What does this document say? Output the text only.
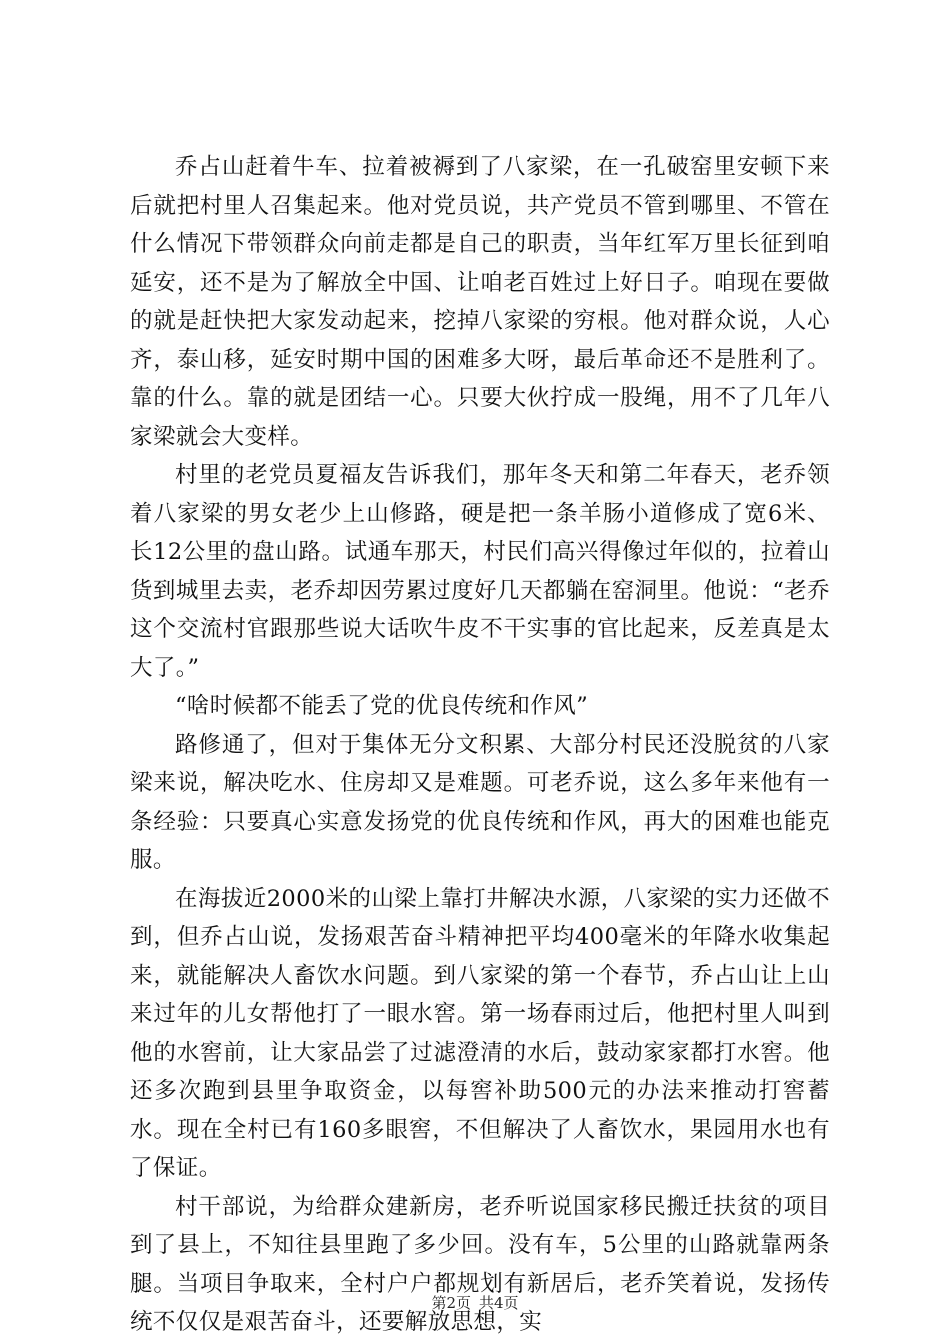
乔占山赶着牛车、拉着被褥到了八家梁，在一孔破窑里安顿下来后就把村里人召集起来。他对党员说，共产党员不管到哪里、不管在什么情况下带领群众向前走都是自己的职责，当年红军万里长征到咱延安，还不是为了解放全中国、让咱老百姓过上好日子。咱现在要做的就是赶快把大家发动起来，挖掉八家梁的穷根。他对群众说，人心齐，泰山移，延安时期中国的困难多大呀，最后革命还不是胜利了。靠的什么。靠的就是团结一心。只要大伙拧成一股绳，用不了几年八家梁就会大变样。

村里的老党员夏福友告诉我们，那年冬天和第二年春天，老乔领着八家梁的男女老少上山修路，硬是把一条羊肠小道修成了宽6米、长12公里的盘山路。试通车那天，村民们高兴得像过年似的，拉着山货到城里去卖，老乔却因劳累过度好几天都躺在窑洞里。他说：“老乔这个交流村官跟那些说大话吹牛皮不干实事的官比起来，反差真是太大了。”

“啥时候都不能丢了党的优良传统和作风”

路修通了，但对于集体无分文积累、大部分村民还没脱贫的八家梁来说，解决吃水、住房却又是难题。可老乔说，这么多年来他有一条经验：只要真心实意发扬党的优良传统和作风，再大的困难也能克服。

在海拔近2000米的山梁上靠打井解决水源，八家梁的实力还做不到，但乔占山说，发扬艰苦奋斗精神把平均400毫米的年降水收集起来，就能解决人畜饮水问题。到八家梁的第一个春节，乔占山让上山来过年的儿女帮他打了一眼水窖。第一场春雨过后，他把村里人叫到他的水窖前，让大家品尝了过滤澄清的水后，鼓动家家都打水窖。他还多次跑到县里争取资金，以每窖补助500元的办法来推动打窖蓄水。现在全村已有160多眼窖，不但解决了人畜饮水，果园用水也有了保证。

村干部说，为给群众建新房，老乔听说国家移民搬迁扶贫的项目到了县上，不知往县里跑了多少回。没有车，5公里的山路就靠两条腿。当项目争取来，全村户户都规划有新居后，老乔笑着说，发扬传统不仅仅是艰苦奋斗，还要解放思想，实

第2页 共4页
